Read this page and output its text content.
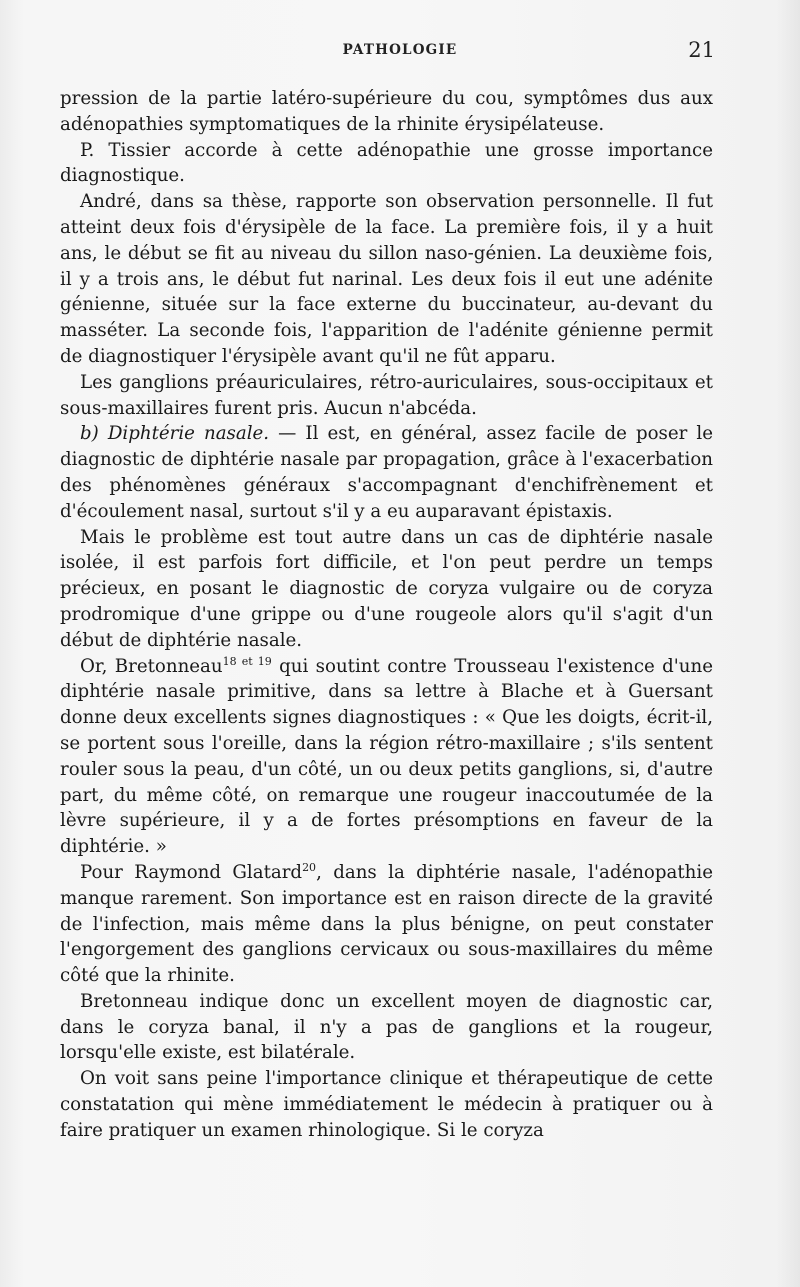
PATHOLOGIE	21

pression de la partie latéro-supérieure du cou, symptômes dus aux adénopathies symptomatiques de la rhinite érysipélateuse.

P. Tissier accorde à cette adénopathie une grosse importance diagnostique.

André, dans sa thèse, rapporte son observation personnelle. Il fut atteint deux fois d'érysipèle de la face. La première fois, il y a huit ans, le début se fit au niveau du sillon naso-génien. La deuxième fois, il y a trois ans, le début fut narinal. Les deux fois il eut une adénite génienne, située sur la face externe du buccinateur, au-devant du masséter. La seconde fois, l'apparition de l'adénite génienne permit de diagnostiquer l'érysipèle avant qu'il ne fût apparu.

Les ganglions préauriculaires, rétro-auriculaires, sous-occipitaux et sous-maxillaires furent pris. Aucun n'abcéda.

b) Diphtérie nasale. — Il est, en général, assez facile de poser le diagnostic de diphtérie nasale par propagation, grâce à l'exacerbation des phénomènes généraux s'accompagnant d'enchifrènement et d'écoulement nasal, surtout s'il y a eu auparavant épistaxis.

Mais le problème est tout autre dans un cas de diphtérie nasale isolée, il est parfois fort difficile, et l'on peut perdre un temps précieux, en posant le diagnostic de coryza vulgaire ou de coryza prodromique d'une grippe ou d'une rougeole alors qu'il s'agit d'un début de diphtérie nasale.

Or, Bretonneau$^{18 et 19}$ qui soutint contre Trousseau l'existence d'une diphtérie nasale primitive, dans sa lettre à Blache et à Guersant donne deux excellents signes diagnostiques : « Que les doigts, écrit-il, se portent sous l'oreille, dans la région rétro-maxillaire ; s'ils sentent rouler sous la peau, d'un côté, un ou deux petits ganglions, si, d'autre part, du même côté, on remarque une rougeur inaccoutumée de la lèvre supérieure, il y a de fortes présomptions en faveur de la diphtérie. »

Pour Raymond Glatard$^{20}$, dans la diphtérie nasale, l'adénopathie manque rarement. Son importance est en raison directe de la gravité de l'infection, mais même dans la plus bénigne, on peut constater l'engorgement des ganglions cervicaux ou sous-maxillaires du même côté que la rhinite.

Bretonneau indique donc un excellent moyen de diagnostic car, dans le coryza banal, il n'y a pas de ganglions et la rougeur, lorsqu'elle existe, est bilatérale.

On voit sans peine l'importance clinique et thérapeutique de cette constatation qui mène immédiatement le médecin à pratiquer ou à faire pratiquer un examen rhinologique. Si le coryza
